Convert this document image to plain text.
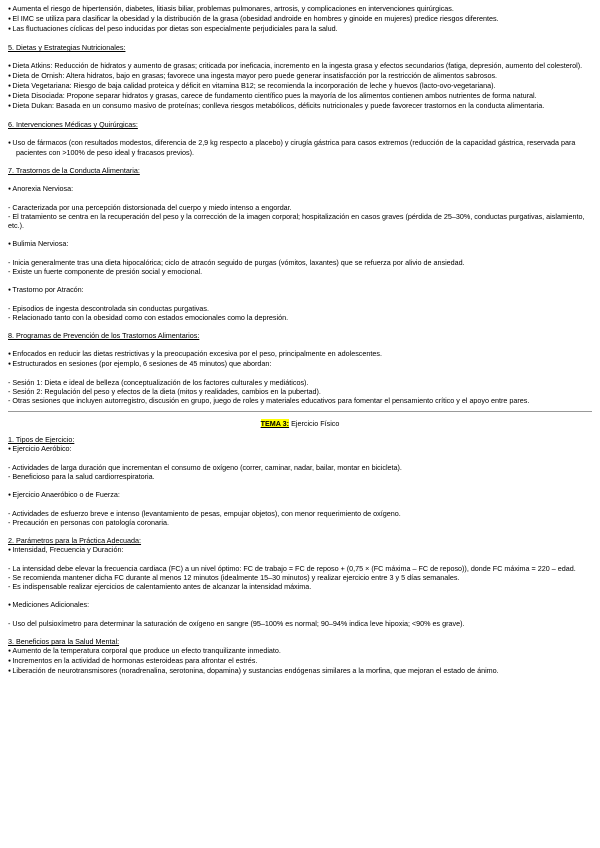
● Aumenta el riesgo de hipertensión, diabetes, litiasis biliar, problemas pulmonares, artrosis, y complicaciones en intervenciones quirúrgicas.

● El IMC se utiliza para clasificar la obesidad y la distribución de la grasa (obesidad androide en hombres y ginoide en mujeres) predice riesgos diferentes.

● Las fluctuaciones cíclicas del peso inducidas por dietas son especialmente perjudiciales para la salud.

5. Dietas y Estrategias Nutricionales:

● Dieta Atkins: Reducción de hidratos y aumento de grasas; criticada por ineficacia, incremento en la ingesta grasa y efectos secundarios (fatiga, depresión, aumento del colesterol).

● Dieta de Ornish: Altera hidratos, bajo en grasas; favorece una ingesta mayor pero puede generar insatisfacción por la restricción de alimentos sabrosos.

● Dieta Vegetariana: Riesgo de baja calidad proteica y déficit en vitamina B12; se recomienda la incorporación de leche y huevos (lacto-ovo-vegetariana).

● Dieta Disociada: Propone separar hidratos y grasas, carece de fundamento científico pues la mayoría de los alimentos contienen ambos nutrientes de forma natural.

● Dieta Dukan: Basada en un consumo masivo de proteínas; conlleva riesgos metabólicos, déficits nutricionales y puede favorecer trastornos en la conducta alimentaria.

6. Intervenciones Médicas y Quirúrgicas:

● Uso de fármacos (con resultados modestos, diferencia de 2,9 kg respecto a placebo) y cirugía gástrica para casos extremos (reducción de la capacidad gástrica, reservada para pacientes con >100% de peso ideal y fracasos previos).

7. Trastornos de la Conducta Alimentaria:

● Anorexia Nerviosa:

- Caracterizada por una percepción distorsionada del cuerpo y miedo intenso a engordar.

- El tratamiento se centra en la recuperación del peso y la corrección de la imagen corporal; hospitalización en casos graves (pérdida de 25–30%, conductas purgativas, aislamiento, etc.).

● Bulimia Nerviosa:

- Inicia generalmente tras una dieta hipocalórica; ciclo de atracón seguido de purgas (vómitos, laxantes) que se refuerza por alivio de ansiedad.

- Existe un fuerte componente de presión social y emocional.

● Trastorno por Atracón:

- Episodios de ingesta descontrolada sin conductas purgativas.

- Relacionado tanto con la obesidad como con estados emocionales como la depresión.

8. Programas de Prevención de los Trastornos Alimentarios:

● Enfocados en reducir las dietas restrictivas y la preocupación excesiva por el peso, principalmente en adolescentes.

● Estructurados en sesiones (por ejemplo, 6 sesiones de 45 minutos) que abordan:

- Sesión 1: Dieta e ideal de belleza (conceptualización de los factores culturales y mediáticos).

- Sesión 2: Regulación del peso y efectos de la dieta (mitos y realidades, cambios en la pubertad).

- Otras sesiones que incluyen autorregistro, discusión en grupo, juego de roles y materiales educativos para fomentar el pensamiento crítico y el apoyo entre pares.

TEMA 3: Ejercicio Físico

1. Tipos de Ejercicio:

● Ejercicio Aeróbico:

- Actividades de larga duración que incrementan el consumo de oxígeno (correr, caminar, nadar, bailar, montar en bicicleta).

- Beneficioso para la salud cardiorrespiratoria.

● Ejercicio Anaeróbico o de Fuerza:

- Actividades de esfuerzo breve e intenso (levantamiento de pesas, empujar objetos), con menor requerimiento de oxígeno.

- Precaución en personas con patología coronaria.

2. Parámetros para la Práctica Adecuada:

● Intensidad, Frecuencia y Duración:

- La intensidad debe elevar la frecuencia cardiaca (FC) a un nivel óptimo: FC de trabajo = FC de reposo + (0,75 × (FC máxima – FC de reposo)), donde FC máxima = 220 – edad.

- Se recomienda mantener dicha FC durante al menos 12 minutos (idealmente 15–30 minutos) y realizar ejercicio entre 3 y 5 días semanales.

- Es indispensable realizar ejercicios de calentamiento antes de alcanzar la intensidad máxima.

● Mediciones Adicionales:

- Uso del pulsioxímetro para determinar la saturación de oxígeno en sangre (95–100% es normal; 90–94% indica leve hipoxia; <90% es grave).

3. Beneficios para la Salud Mental:

● Aumento de la temperatura corporal que produce un efecto tranquilizante inmediato.

● Incrementos en la actividad de hormonas esteroideas para afrontar el estrés.

● Liberación de neurotransmisores (noradrenalina, serotonina, dopamina) y sustancias endógenas similares a la morfina, que mejoran el estado de ánimo.
